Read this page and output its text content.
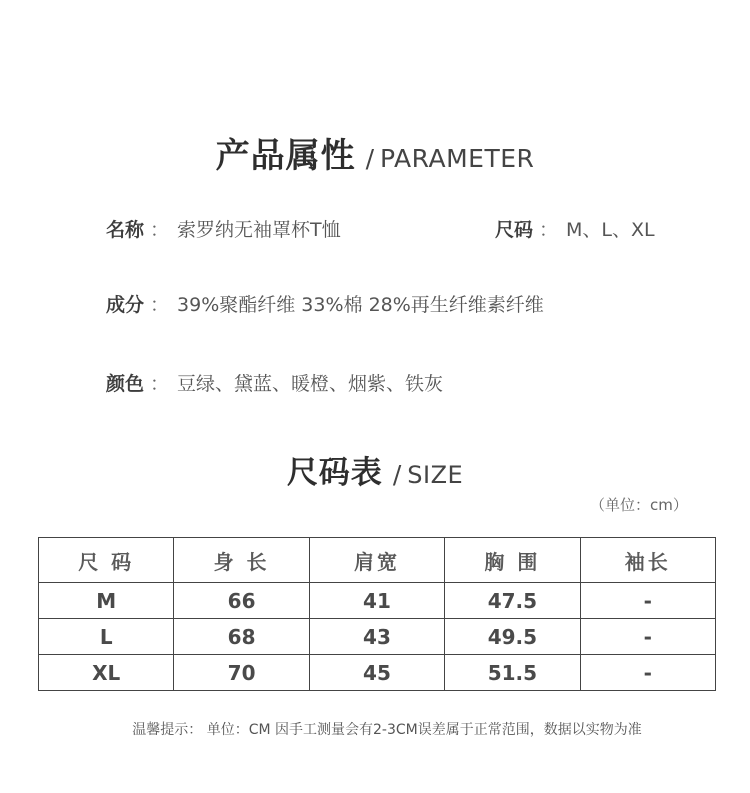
产品属性 / PARAMETER
名称 ： 索罗纳无袖罩杯T恤	尺码 ： M、L、XL
成分 ： 39%聚酯纤维 33%棉 28%再生纤维素纤维
颜色 ： 豆绿、黛蓝、暖橙、烟紫、铁灰
尺码表 / SIZE
（单位：cm）
尺 码	身 长	肩宽	胸 围	袖长
M	66	41	47.5	-
L	68	43	49.5	-
XL	70	45	51.5	-
温馨提示： 单位：CM 因手工测量会有2-3CM误差属于正常范围，数据以实物为准
